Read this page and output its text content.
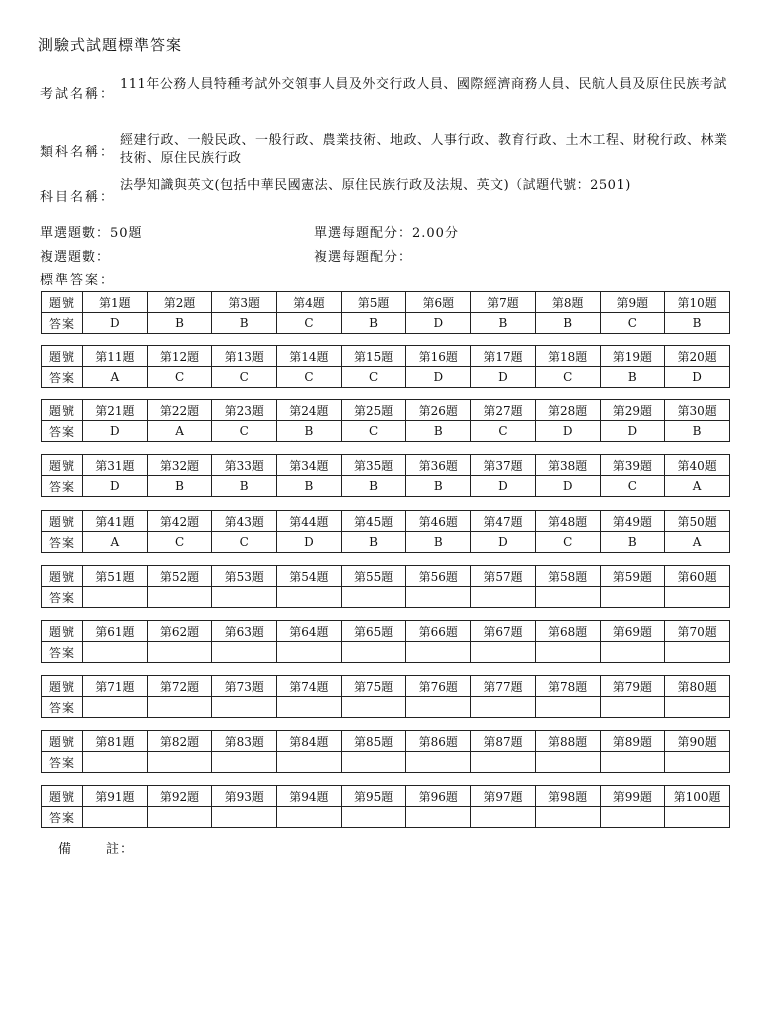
測驗式試題標準答案
考試名稱：
111年公務人員特種考試外交領事人員及外交行政人員、國際經濟商務人員、民航人員及原住民族考試
類科名稱：
經建行政、一般民政、一般行政、農業技術、地政、人事行政、教育行政、土木工程、財稅行政、林業技術、原住民族行政
科目名稱：
法學知識與英文(包括中華民國憲法、原住民族行政及法規、英文)（試題代號：2501)
單選題數：50題	單選每題配分：2.00分
複選題數：	複選每題配分：
標準答案：
題號	第1題	第2題	第3題	第4題	第5題	第6題	第7題	第8題	第9題	第10題
答案	D	B	B	C	B	D	B	B	C	B
題號	第11題	第12題	第13題	第14題	第15題	第16題	第17題	第18題	第19題	第20題
答案	A	C	C	C	C	D	D	C	B	D
題號	第21題	第22題	第23題	第24題	第25題	第26題	第27題	第28題	第29題	第30題
答案	D	A	C	B	C	B	C	D	D	B
題號	第31題	第32題	第33題	第34題	第35題	第36題	第37題	第38題	第39題	第40題
答案	D	B	B	B	B	B	D	D	C	A
題號	第41題	第42題	第43題	第44題	第45題	第46題	第47題	第48題	第49題	第50題
答案	A	C	C	D	B	B	D	C	B	A
題號	第51題	第52題	第53題	第54題	第55題	第56題	第57題	第58題	第59題	第60題
答案										
題號	第61題	第62題	第63題	第64題	第65題	第66題	第67題	第68題	第69題	第70題
答案										
題號	第71題	第72題	第73題	第74題	第75題	第76題	第77題	第78題	第79題	第80題
答案										
題號	第81題	第82題	第83題	第84題	第85題	第86題	第87題	第88題	第89題	第90題
答案										
題號	第91題	第92題	第93題	第94題	第95題	第96題	第97題	第98題	第99題	第100題
答案										
備	註：
